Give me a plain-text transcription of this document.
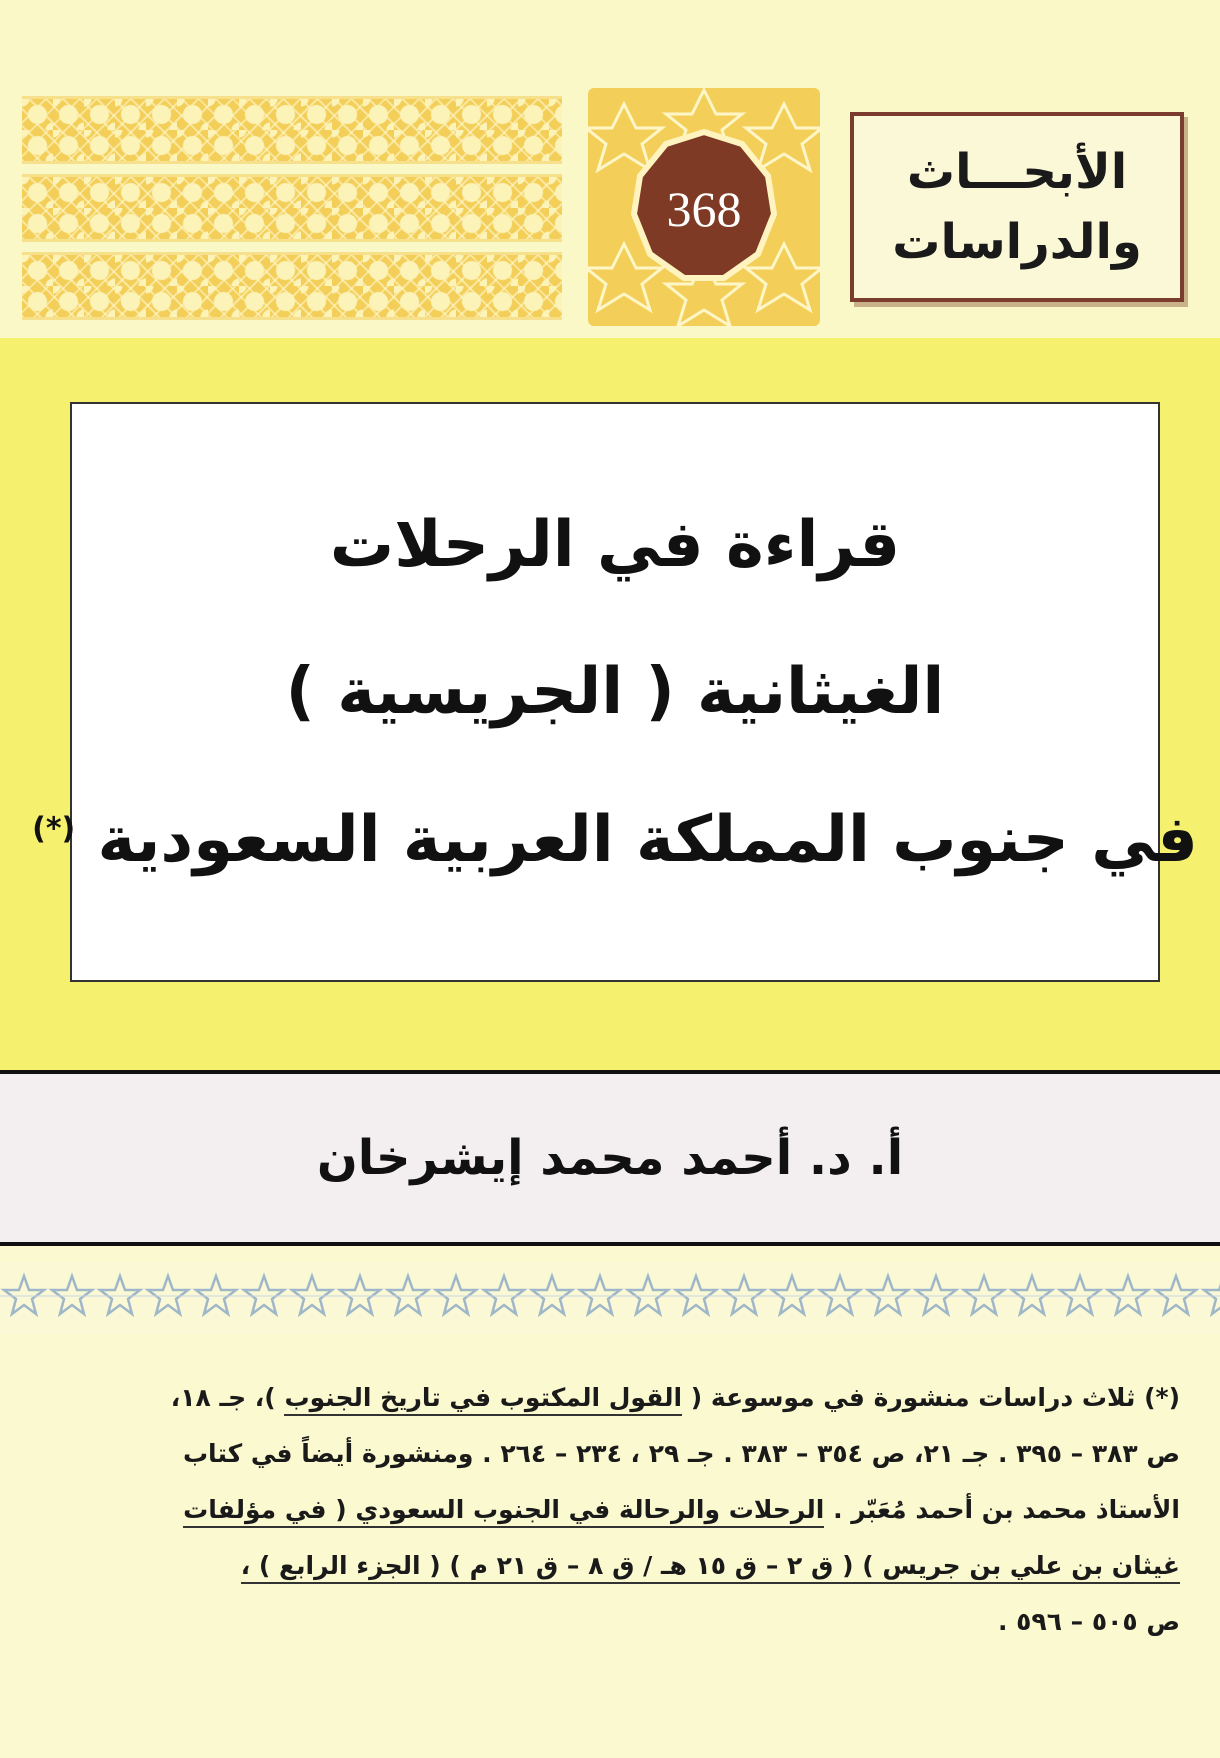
368
الأبحـــاث
والدراسات
قراءة في الرحلات
الغيثانية ( الجريسية )
في جنوب المملكة العربية السعودية (*)
أ. د. أحمد محمد إيشرخان
(*) ثلاث دراسات منشورة في موسوعة ( القول المكتوب في تاريخ الجنوب )، جـ ١٨،
ص ٣٨٣ – ٣٩٥ . جـ ٢١، ص ٣٥٤ – ٣٨٣ . جـ ٢٩ ، ٢٣٤ – ٢٦٤ . ومنشورة أيضاً في كتاب
الأستاذ محمد بن أحمد مُعَبّر . الرحلات والرحالة في الجنوب السعودي ( في مؤلفات
غيثان بن علي بن جريس ) ( ق ٢ – ق ١٥ هـ / ق ٨ – ق ٢١ م ) ( الجزء الرابع ) ،
ص ٥٠٥ – ٥٩٦ .
